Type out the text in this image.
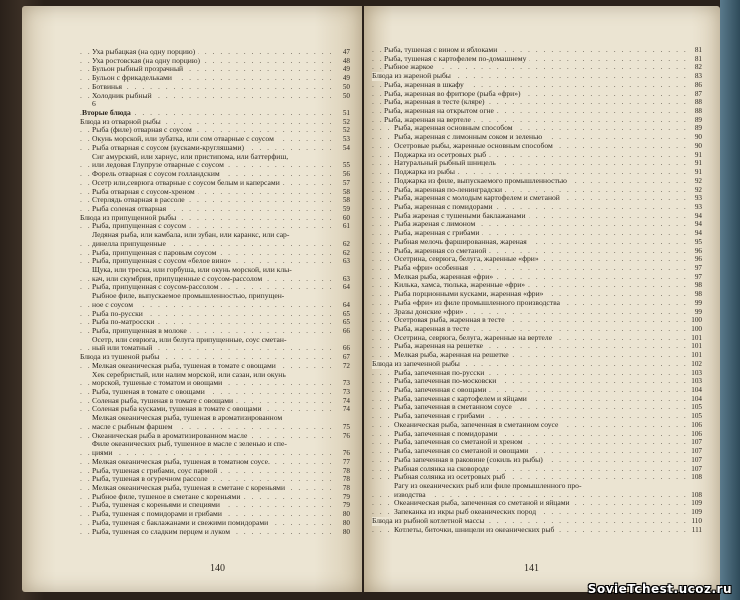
. . .
Уха рыбацкая (на одну порцию)	47
. . .
Уха ростовская (на одну порцию)	48
. . .
Бульон рыбный прозрачный	49
. . .
Бульон с фрикадельками	49
. . .
Ботвинья	50
. . .
Холодник рыбный	50
6
. . .
Вторые блюда	51
. . .
Блюда из отварной рыбы	52
. . .
Рыба (филе) отварная с соусом	52
. . .
Окунь морской, или зубатка, или сом отварные с соусом	53
. . .
Рыба отварная с соусом (кусками-кругляшами)	54
Сиг амурский, или харнус, или пристипома, или баттерфиш,
. . .
или ледовая Глупрузе отварные с соусом	55
. . .
Форель отварная с соусом голландским	56
. . .
Осетр или,севрюга отварные с соусом белым и каперсами	57
. . .
Рыба отварная с соусом-хреном	58
. . .
Стерлядь отварная в рассоле	58
. . .
Рыба соленая отварная	59
. . .
Блюда из припущенной рыбы	60
. . .
Рыба, припущенная с соусом	61
Ледяная рыба, или камбала, или зубан, или каранкс, или сар-
. . .
динелла припущенные	62
. . .
Рыба, припущенная с паровым соусом	62
. . .
Рыба, припущенная с соусом «белое вино»	63
Щука, или треска, или горбуша, или окунь морской, или клы-
. . .
кач, или скумбрия, припущенные с соусом-рассолом	63
. . .
Рыба, припущенная с соусом-рассолом	64
Рыбное филе, выпускаемое промышленностью, припущен-
. . .
ное с соусом	64
. . .
Рыба по-русски	65
. . .
Рыба по-матросски	65
. . .
Рыба, припущенная в молоке	66
Осетр, или севрюга, или белуга припущенные, соус сметан-
. . .
ный или томатный	66
. . .
Блюда из тушеной рыбы	67
. . .
Мелкая океаническая рыба, тушеная в томате с овощами	72
Хек серебристый, или налим морской, или сазан, или окунь
. . .
морской, тушеные с томатом и овощами	73
. . .
Рыба, тушеная в томате с овощами	73
. . .
Соленая рыба, тушеная в томате с овощами	74
. . .
Соленая рыба кусками, тушеная в томате с овощами	74
Мелкая океаническая рыба, тушеная в ароматизированном
. . .
масле с рыбным фаршем	75
. . .
Океаническая рыба в ароматизированном масле	76
Филе океанических рыб, тушенное в масле с зеленью и спе-
. . .
циями	76
. . .
Мелкая океаническая рыба, тушеная в томатном соусе.	77
. . .
Рыба, тушеная с грибами, соус пармой	78
. . .
Рыба, тушеная в огуречном рассоле	78
. . .
Мелкая океаническая рыба, тушеная в сметане с кореньями	78
. . .
Рыбное филе, тушеное в сметане с кореньями	79
. . .
Рыба, тушеная с кореньями и специями	79
. . .
Рыба, тушеная с помидорами и грибами	80
. . .
Рыба, тушеная с баклажанами и свежими помидорами	80
. . .
Рыба, тушеная со сладким перцем и луком	80
140
. . .
Рыба, тушеная с вином и яблоками	81
. . .
Рыба, тушеная с картофелем по-домашнему	81
. . .
Рыбное жаркое	82
. . .
Блюда из жареной рыбы	83
. . .
Рыба, жаренная в шкафу	86
. . .
Рыба, жаренная во фритюре (рыба «фри»)	87
. . .
Рыба, жаренная в тесте (кляре)	88
. . .
Рыба, жаренная на открытом огне	88
. . .
Рыба, жаренная на вертеле	89
. . .
Рыба, жаренная основным способом	89
. . .
Рыба, жаренная с лимонным соком и зеленью	90
. . .
Осетровые рыбы, жаренные основным способом	90
. . .
Поджарка из осетровых рыб	91
. . .
Натуральный рыбный шницель	91
. . .
Поджарка из рыбы	91
. . .
Поджарка из филе, выпускаемого промышленностью	92
. . .
Рыба, жаренная по-ленинградски	92
. . .
Рыба, жаренная с молодым картофелем и сметаной	93
. . .
Рыба, жаренная с помидорами	93
. . .
Рыба жареная с тушеными баклажанами	94
. . .
Рыба жареная с лимоном	94
. . .
Рыба, жаренная с грибами	94
. . .
Рыбная мелочь фаршированная, жареная	95
. . .
Рыба, жаренная со сметаной	96
. . .
Осетрина, севрюга, белуга, жаренные «фри»	96
. . .
Рыба «фри» особенная	97
. . .
Мелкая рыба, жаренная «фри»	97
. . .
Килька, хамса, тюлька, жаренные «фри»	98
. . .
Рыба порционными кусками, жаренная «фри»	98
. . .
Рыба «фри» из филе промышленного производства	99
. . .
Зразы донские «фри»	99
. . .
Осетровая рыба, жаренная в тесте	100
. . .
Рыба, жаренная в тесте	100
. . .
Осетрина, севрюга, белуга, жаренные на вертеле	101
. . .
Рыба, жаренная на решетке	101
. . .
Мелкая рыба, жаренная на решетке	101
. . .
Блюда из запеченной рыбы	102
. . .
Рыба, запеченная по-русски	103
. . .
Рыба, запеченная по-московски	103
. . .
Рыба, запеченная с овощами	104
. . .
Рыба, запеченная с картофелем и яйцами	104
. . .
Рыба, запеченная в сметанном соусе	105
. . .
Рыба, запеченная с грибами	105
. . .
Океаническая рыба, запеченная в сметанном соусе	106
. . .
Рыба, запеченная с помидорами	106
. . .
Рыба, запеченная со сметаной и хреном	107
. . .
Рыба, запеченная со сметаной и овощами	107
. . .
Рыба запеченная в раковине (сокиль из рыбы)	107
. . .
Рыбная солянка на сковороде	107
. . .
Рыбная солянка из осетровых рыб	108
Рагу из океанических рыб или филе промышленного про-
. . .
изводства	108
. . .
Океаническая рыба, запеченная со сметаной и яйцами	109
. . .
Запеканка из икры рыб океанических пород	109
. . .
Блюда из рыбной котлетной массы	110
. . .
Котлеты, биточки, шницели из океанических рыб	111
141
SovieTchest.ucoz.ru
